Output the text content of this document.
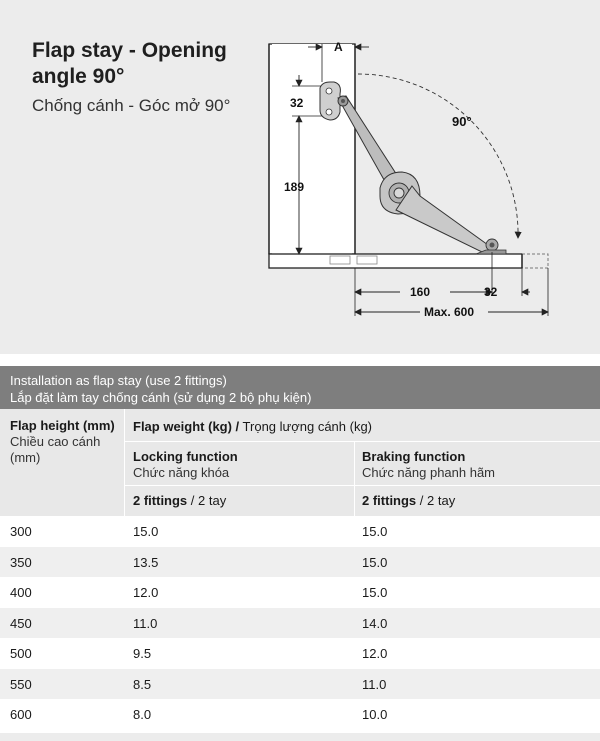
Flap stay - Opening angle 90°
Chống cánh - Góc mở 90°
A
32
189
90°
160	32
Max. 600
Installation as flap stay (use 2 fittings)
Lắp đặt làm tay chống cánh (sử dụng 2 bộ phụ kiện)
Flap height (mm)
Chiều cao cánh (mm)
Flap weight (kg) / Trọng lượng cánh (kg)
Locking function
Chức năng khóa
Braking function
Chức năng phanh hãm
2 fittings / 2 tay	2 fittings / 2 tay
300	15.0	15.0
350	13.5	15.0
400	12.0	15.0
450	11.0	14.0
500	9.5	12.0
550	8.5	11.0
600	8.0	10.0
